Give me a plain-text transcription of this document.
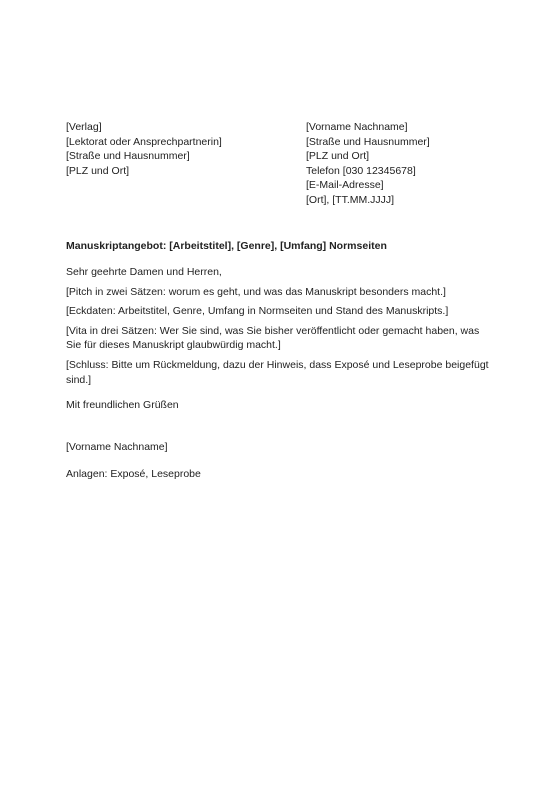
[Verlag]
[Lektorat oder Ansprechpartnerin]
[Straße und Hausnummer]
[PLZ und Ort]
[Vorname Nachname]
[Straße und Hausnummer]
[PLZ und Ort]
Telefon [030 12345678]
[E-Mail-Adresse]
[Ort], [TT.MM.JJJJ]
Manuskriptangebot: [Arbeitstitel], [Genre], [Umfang] Normseiten

Sehr geehrte Damen und Herren,

[Pitch in zwei Sätzen: worum es geht, und was das Manuskript besonders macht.]

[Eckdaten: Arbeitstitel, Genre, Umfang in Normseiten und Stand des Manuskripts.]

[Vita in drei Sätzen: Wer Sie sind, was Sie bisher veröffentlicht oder gemacht haben, was Sie für dieses Manuskript glaubwürdig macht.]

[Schluss: Bitte um Rückmeldung, dazu der Hinweis, dass Exposé und Leseprobe beigefügt sind.]

Mit freundlichen Grüßen
[Vorname Nachname]
Anlagen: Exposé, Leseprobe
